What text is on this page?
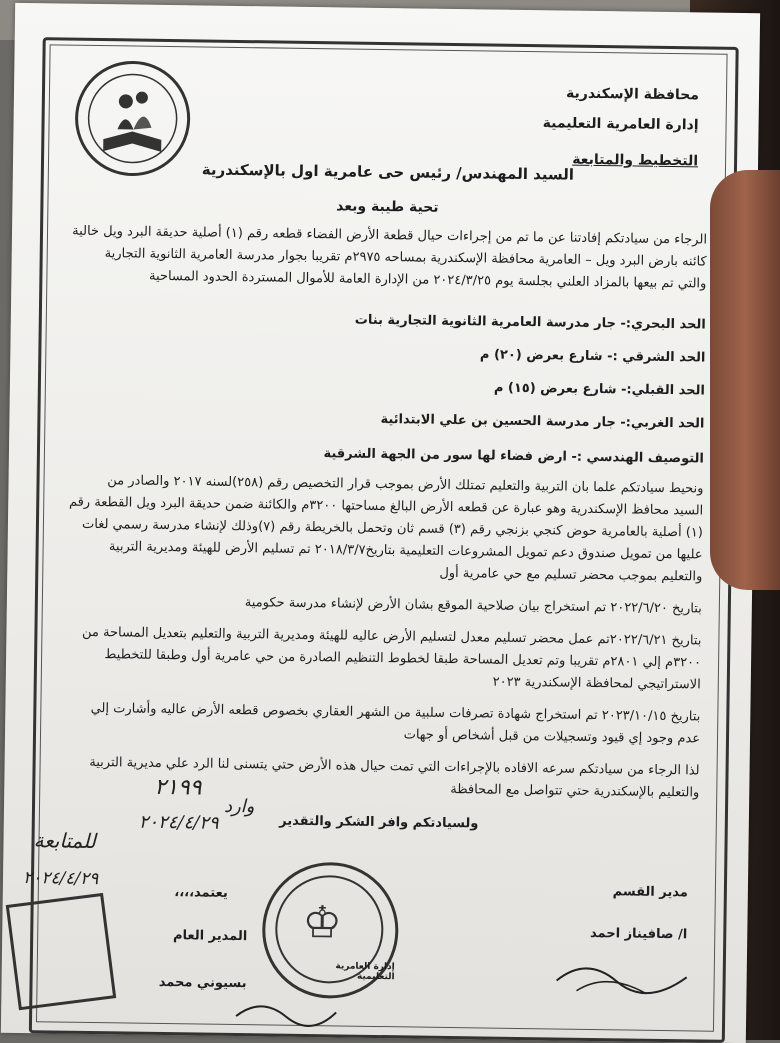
محافظة الإسكندرية
إدارة العامرية التعليمية
التخطيط والمتابعة
السيد المهندس/ رئيس حى عامرية اول بالإسكندرية
تحية طيبة وبعد
الرجاء من سيادتكم إفادتنا عن ما تم من إجراءات حيال قطعة الأرض الفضاء قطعه رقم (١) أصلية حديقة البرد ويل خالية
كائنه بارض البرد ويل – العامرية محافظة الإسكندرية بمساحه ٢٩٧٥م تقريبا بجوار مدرسة العامرية الثانوية التجارية
والتي تم بيعها بالمزاد العلني بجلسة يوم ٢٠٢٤/٣/٢٥ من الإدارة العامة للأموال المستردة الحدود المساحية
الحد البحري:- جار مدرسة العامرية الثانوية التجارية بنات
الحد الشرقي :- شارع بعرض (٢٠) م
الحد القبلي:- شارع بعرض (١٥) م
الحد الغربي:- جار مدرسة الحسين بن علي الابتدائية
التوصيف الهندسي :- ارض فضاء لها سور من الجهة الشرقية
ونحيط سيادتكم علما بان التربية والتعليم تمتلك الأرض بموجب قرار التخصيص رقم (٢٥٨)لسنه ٢٠١٧ والصادر من
السيد محافظ الإسكندرية وهو عبارة عن قطعه الأرض البالغ مساحتها ٣٢٠٠م والكائنة ضمن حديقة البرد ويل القطعة رقم
(١) أصلية بالعامرية حوض كنجي بزنجي رقم (٣) قسم ثان وتحمل بالخريطة رقم (٧)وذلك لإنشاء مدرسة رسمي لغات
عليها من تمويل صندوق دعم تمويل المشروعات التعليمية بتاريخ٢٠١٨/٣/٧ تم تسليم الأرض للهيئة ومديرية التربية
والتعليم بموجب محضر تسليم مع حي عامرية أول
بتاريخ ٢٠٢٢/٦/٢٠ تم استخراج بيان صلاحية الموقع بشان الأرض لإنشاء مدرسة حكومية
بتاريخ ٢٠٢٢/٦/٢١تم عمل محضر تسليم معدل لتسليم الأرض عاليه للهيئة ومديرية التربية والتعليم بتعديل المساحة من
٣٢٠٠م إلي ٢٨٠١م تقريبا وتم تعديل المساحة طبقا لخطوط التنظيم الصادرة من حي عامرية أول وطبقا للتخطيط
الاستراتيجي لمحافظة الإسكندرية ٢٠٢٣
بتاريخ ٢٠٢٣/١٠/١٥ تم استخراج شهادة تصرفات سلبية من الشهر العقاري بخصوص قطعه الأرض عاليه وأشارت إلي
عدم وجود إي قيود وتسجيلات من قبل أشخاص أو جهات
لذا الرجاء من سيادتكم سرعه الافاده بالإجراءات التي تمت حيال هذه الأرض حتي يتسنى لنا الرد علي مديرية التربية
والتعليم بالإسكندرية حتي تتواصل مع المحافظة
ولسيادتكم وافر الشكر والتقدير
٢١٩٩
وارد
٢٠٢٤/٤/٢٩
للمتابعة
٢٠٢٤/٤/٢٩
مدير القسم
ا/ صافيناز احمد
يعتمد،،،،
المدير العام
بسيوني محمد
♔
إدارة العامرية التعليمية
